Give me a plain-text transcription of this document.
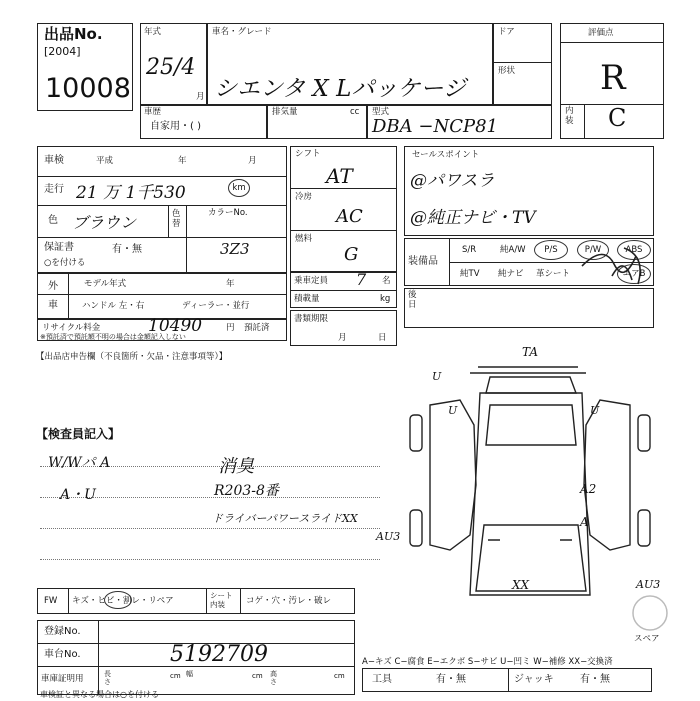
出品No.
[2004]
10008
年式
25/4
月
車名・グレード
シエンタ X Lパッケージ
ドア
形状
車歴
自家用・( )
排気量	cc 型式
DBA −NCP81
評価点
R
内装 C
車検	平成	年	月
走行 21 万 1千530	km
色 ブラウン	色替
カラーNo.
3Z3
保証書	有・無
○を付ける
外車
モデル年式	年
ハンドル 左・右	ディーラー・並行
リサイクル料金	10490	円 預託済
※預託済で預託額不明の場合は金額記入しない
シフト
AT
冷房
AC
燃料
G
乗車定員 7 名
積載量	kg
書類期限
月	日
セールスポイント
@パワスラ
@純正ナビ・TV
装備品
S/R	純A/W	P/S	P/W	ABS
純TV 純ナビ 革シート	エアB
後日
【出品店申告欄（不良箇所・欠品・注意事項等）】
【検査員記入】
W/Wパ A
A・U
消臭
R203-8番
ドライバーパワースライドXX
TA
U
U	U
A2
A
AU3
AU3
XX
スペア
FW キズ・ヒビ・割レ・リペア
シート内装	コゲ・穴・汚レ・破レ
登録No.
車台No.	5192709
車庫証明用	長さ
幅	高さ
cm	cm	cm
車検証と異なる場合は○を付ける
A−キズ C−腐食 E−エクボ S−サビ U−凹ミ W−補修 XX−交換済
工具	有・無	ジャッキ	有・無
